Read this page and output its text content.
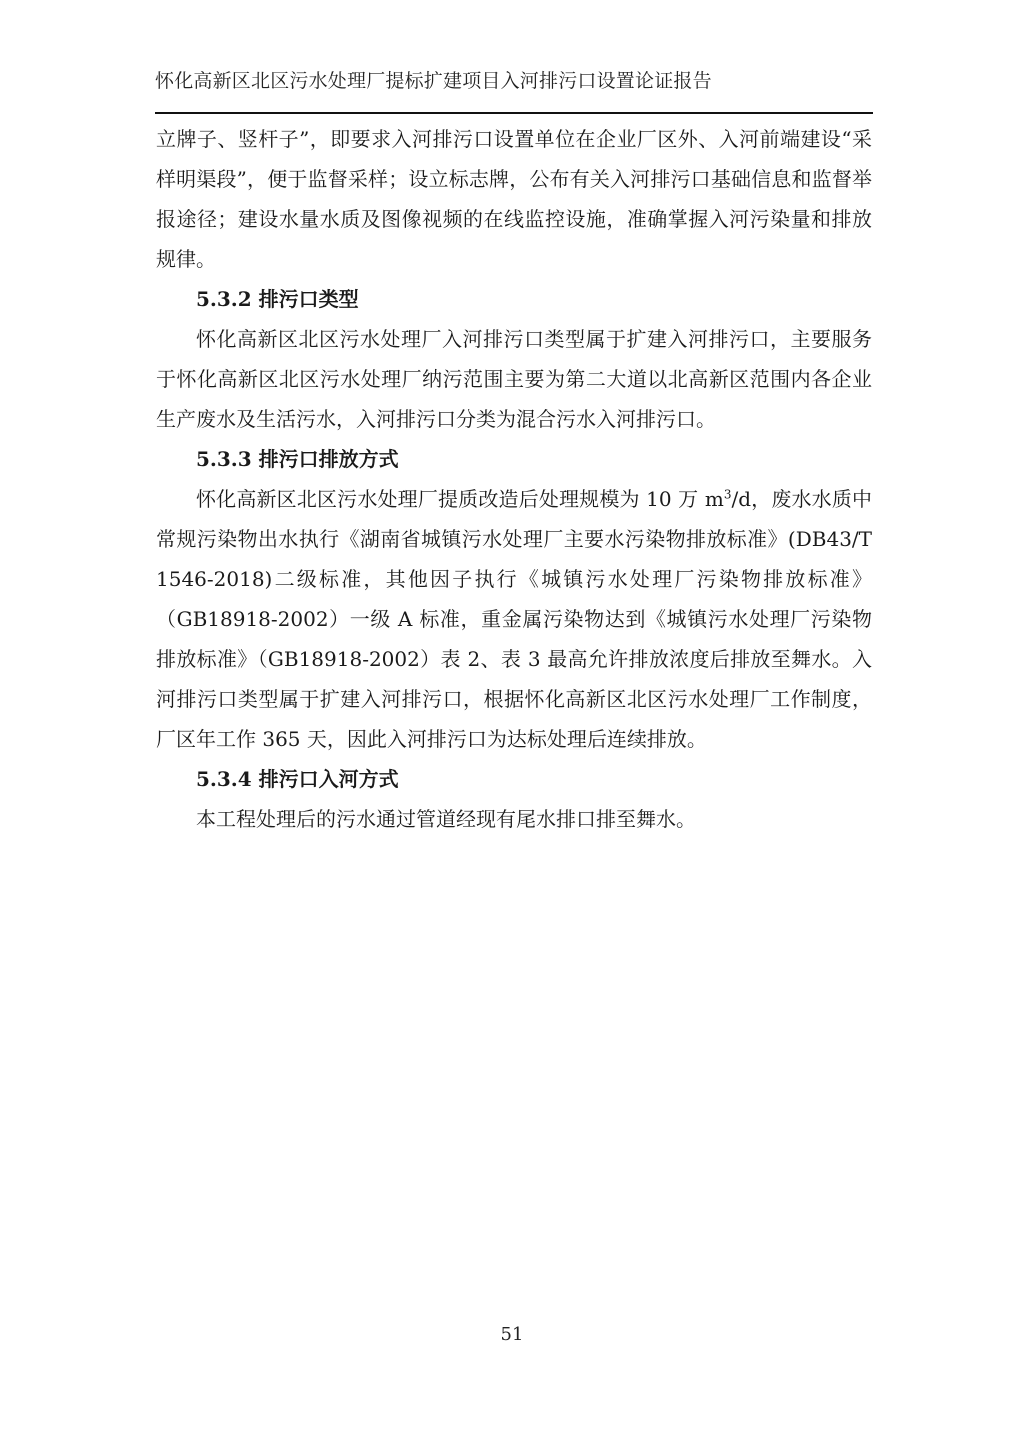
怀化高新区北区污水处理厂提标扩建项目入河排污口设置论证报告

立牌子、竖杆子”，即要求入河排污口设置单位在企业厂区外、入河前端建设“采样明渠段”，便于监督采样；设立标志牌，公布有关入河排污口基础信息和监督举报途径；建设水量水质及图像视频的在线监控设施，准确掌握入河污染量和排放规律。

5.3.2 排污口类型

怀化高新区北区污水处理厂入河排污口类型属于扩建入河排污口，主要服务于怀化高新区北区污水处理厂纳污范围主要为第二大道以北高新区范围内各企业生产废水及生活污水，入河排污口分类为混合污水入河排污口。

5.3.3 排污口排放方式

怀化高新区北区污水处理厂提质改造后处理规模为 10 万 $m^3/d$，废水水质中常规污染物出水执行《湖南省城镇污水处理厂主要水污染物排放标准》(DB43/T 1546-2018)二级标准，其他因子执行《城镇污水处理厂污染物排放标准》（GB18918-2002）一级 A 标准，重金属污染物达到《城镇污水处理厂污染物排放标准》（GB18918-2002）表 2、表 3 最高允许排放浓度后排放至舞水。入河排污口类型属于扩建入河排污口，根据怀化高新区北区污水处理厂工作制度，厂区年工作 365 天，因此入河排污口为达标处理后连续排放。

5.3.4 排污口入河方式

本工程处理后的污水通过管道经现有尾水排口排至舞水。

51
